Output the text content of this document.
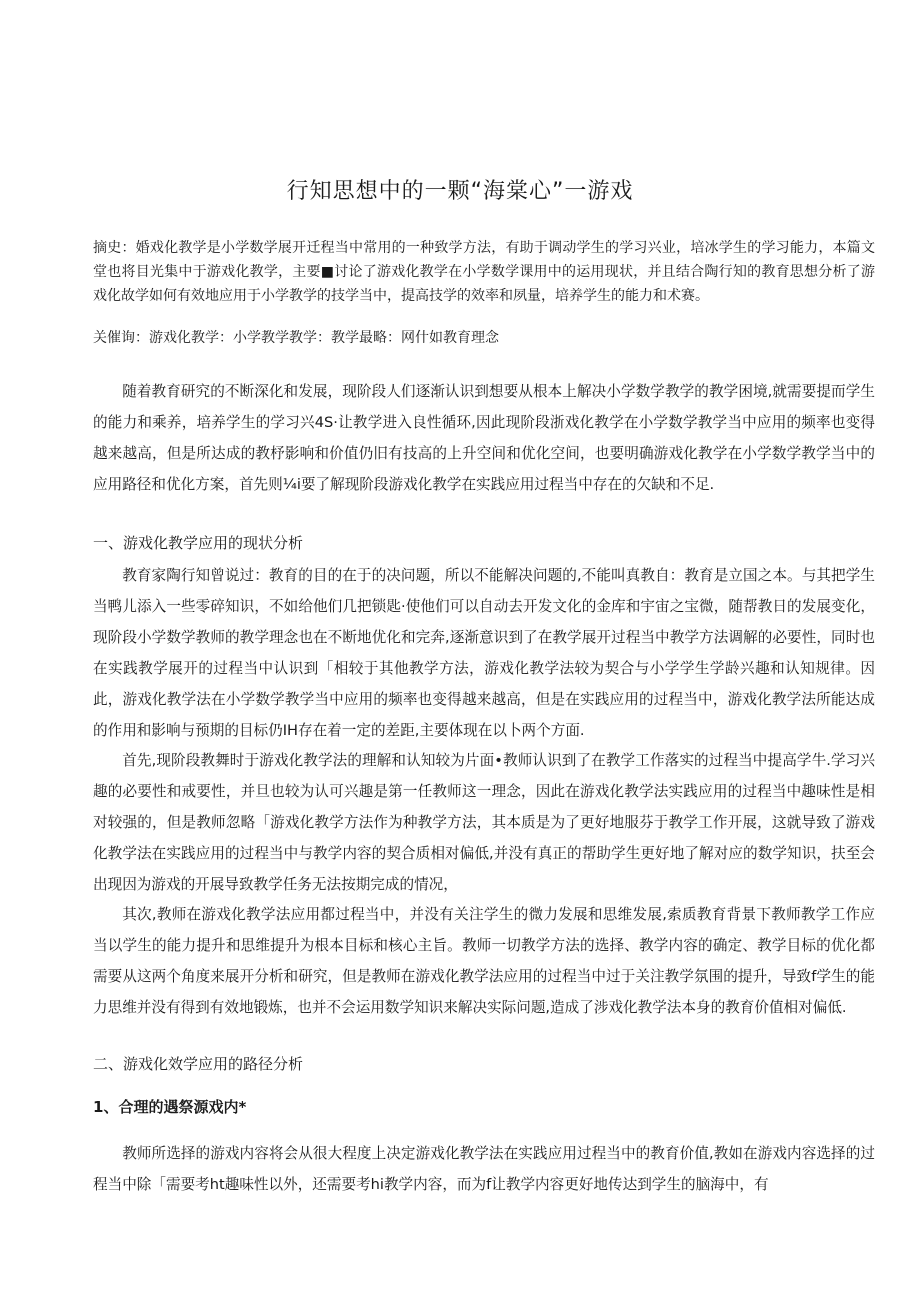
行知思想中的一颗“海棠心”一游戏

摘史：婚戏化教学是小学数学展开迁程当中常用的一种致学方法，有助于调动学生的学习兴业，培冰学生的学习能力，本篇文堂也将目光集中于游戏化教学，主要■讨论了游戏化教学在小学数学课用中的运用现状，并且结合陶行知的教育思想分析了游戏化故学如何有效地应用于小学教学的技学当中，提高技学的效率和夙量，培养学生的能力和术赛。

关催询：游戏化教学：小学教学教学：教学最略：网什如教育理念

随着教育研究的不断深化和发展，现阶段人们逐渐认识到想要从根本上解决小学数学教学的教学困境,就需要提而学生的能力和乘养，培养学生的学习兴4S·让教学进入良性循环,因此现阶段浙戏化教学在小学数学教学当中应用的频率也变得越来越高，但是所达成的教杼影响和价值仍旧有技高的上升空间和优化空间，也要明确游戏化教学在小学数学教学当中的应用路径和优化方案，首先则¼i要了解现阶段游戏化教学在实践应用过程当中存在的欠缺和不足.

一、游戏化教学应用的现状分析

教育家陶行知曾说过：教育的目的在于的决问题，所以不能解决问题的,不能叫真教自：教育是立国之本。与其把学生当鸭儿添入一些零碎知识，不如给他们几把锁匙·使他们可以自动去开发文化的金库和宇宙之宝微，随帮教日的发展变化，现阶段小学数学教师的教学理念也在不断地优化和完奔,逐渐意识到了在教学展开过程当中教学方法调解的必要性，同时也在实践教学展开的过程当中认识到「相较于其他教学方法，游戏化教学法较为契合与小学学生学龄兴趣和认知规律。因此，游戏化教学法在小学数学教学当中应用的频率也变得越来越高，但是在实践应用的过程当中，游戏化教学法所能达成的作用和影响与预期的目标仍IH存在着一定的差距,主要体现在以卜两个方面.

首先,现阶段教舞时于游戏化教学法的理解和认知较为片面•教师认识到了在教学工作落实的过程当中提高学牛.学习兴趣的必要性和戒要性，并旦也较为认可兴趣是第一任教师这一理念，因此在游戏化教学法实践应用的过程当中趣味性是相对较强的，但是教师忽略「游戏化教学方法作为种教学方法，其本质是为了更好地服芬于教学工作开展，这就导致了游戏化教学法在实践应用的过程当中与教学内容的契合质相对偏低,并没有真正的帮助学生更好地了解对应的数学知识，扶至会出现因为游戏的开展导致教学任务无法按期完成的情况，

其次,教师在游戏化教学法应用都过程当中，并没有关注学生的微力发展和思维发展,索质教育背景下教师教学工作应当以学生的能力提升和思维提升为根本目标和核心主旨。教师一切教学方法的选择、教学内容的确定、教学目标的优化都需要从这两个角度来展开分析和研究，但是教师在游戏化教学法应用的过程当中过于关注教学氛围的提升，导致f学生的能力思维并没有得到有效地锻炼，也并不会运用数学知识来解决实际问题,造成了涉戏化教学法本身的教育价值相对偏低.

二、游戏化效学应用的路径分析
1、合理的遇祭源戏内*

教师所选择的游戏内容将会从很大程度上决定游戏化教学法在实践应用过程当中的教育价值,教如在游戏内容选择的过程当中除「需要考ht趣味性以外，还需要考hi教学内容，而为f让教学内容更好地传达到学生的脑海中，有
